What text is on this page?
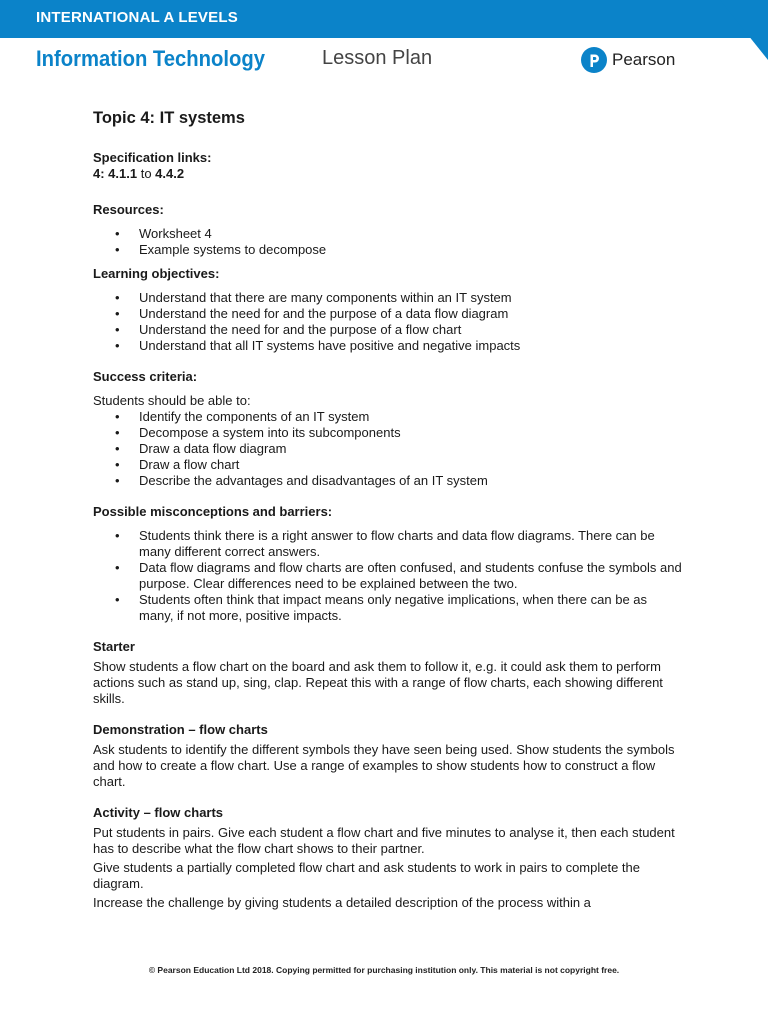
INTERNATIONAL A LEVELS
Information Technology	Lesson Plan	Pearson
Topic 4: IT systems
Specification links:

4: 4.1.1 to 4.4.2

Resources:
• Worksheet 4
• Example systems to decompose
Learning objectives:
• Understand that there are many components within an IT system
• Understand the need for and the purpose of a data flow diagram
• Understand the need for and the purpose of a flow chart
• Understand that all IT systems have positive and negative impacts
Success criteria:

Students should be able to:

• Identify the components of an IT system
• Decompose a system into its subcomponents
• Draw a data flow diagram
• Draw a flow chart
• Describe the advantages and disadvantages of an IT system
Possible misconceptions and barriers:
• Students think there is a right answer to flow charts and data flow diagrams. There can be many different correct answers.
• Data flow diagrams and flow charts are often confused, and students confuse the symbols and purpose. Clear differences need to be explained between the two.
• Students often think that impact means only negative implications, when there can be as many, if not more, positive impacts.
Starter

Show students a flow chart on the board and ask them to follow it, e.g. it could ask them to perform actions such as stand up, sing, clap. Repeat this with a range of flow charts, each showing different skills.

Demonstration – flow charts

Ask students to identify the different symbols they have seen being used. Show students the symbols and how to create a flow chart. Use a range of examples to show students how to construct a flow chart.

Activity – flow charts

Put students in pairs. Give each student a flow chart and five minutes to analyse it, then each student has to describe what the flow chart shows to their partner.

Give students a partially completed flow chart and ask students to work in pairs to complete the diagram.

Increase the challenge by giving students a detailed description of the process within a

© Pearson Education Ltd 2018. Copying permitted for purchasing institution only. This material is not copyright free.
